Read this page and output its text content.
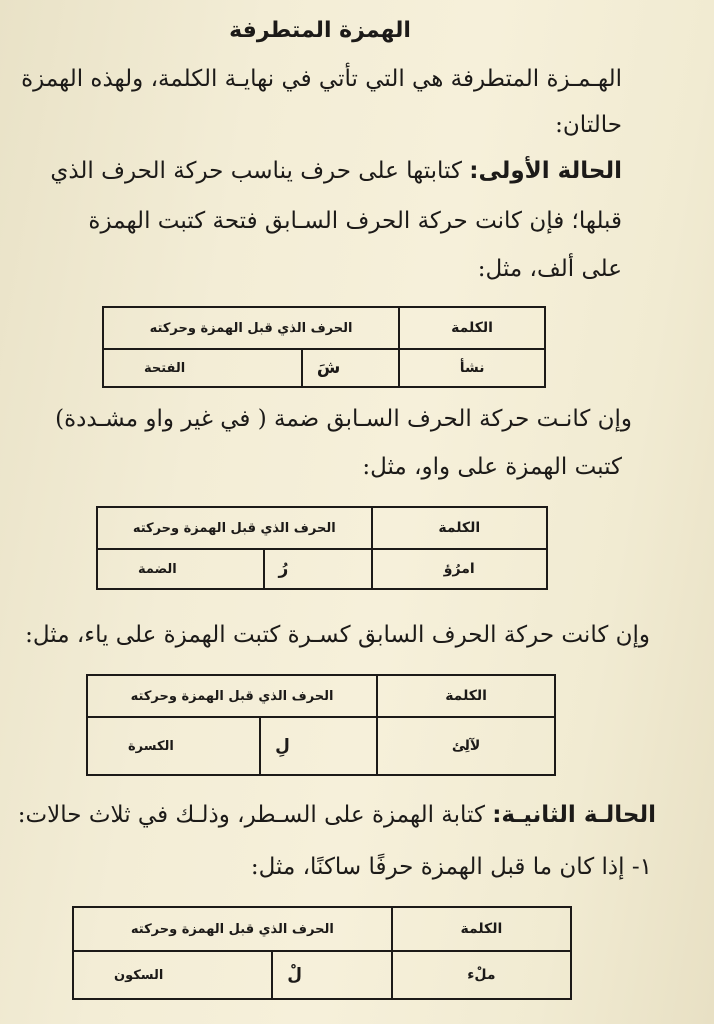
الهمزة المتطرفة
الهـمـزة المتطرفة هي التي تأتي في نهايـة الكلمة، ولهذه الهمزة
حالتان:
الحالة الأولى: كتابتها على حرف يناسب حركة الحرف الذي
قبلها؛ فإن كانت حركة الحرف السـابق فتحة كتبت الهمزة
على ألف، مثل:
الكلمة	الحرف الذي قبل الهمزة وحركته	
نشأ	شَ	الفتحة
وإن كانـت حركة الحرف السـابق ضمة ( في غير واو مشـددة)
كتبت الهمزة على واو، مثل:
الكلمة	الحرف الذي قبل الهمزة وحركته	
امرُؤ	رُ	الضمة
وإن كانت حركة الحرف السابق كسـرة كتبت الهمزة على ياء، مثل:
الكلمة	الحرف الذي قبل الهمزة وحركته	
لآلِئ	لِ	الكسرة
الحالـة الثانيـة: كتابة الهمزة على السـطر، وذلـك في ثلاث حالات:
١- إذا كان ما قبل الهمزة حرفًا ساكنًا، مثل:
الكلمة	الحرف الذي قبل الهمزة وحركته	
ملْء	لْ	السكون
